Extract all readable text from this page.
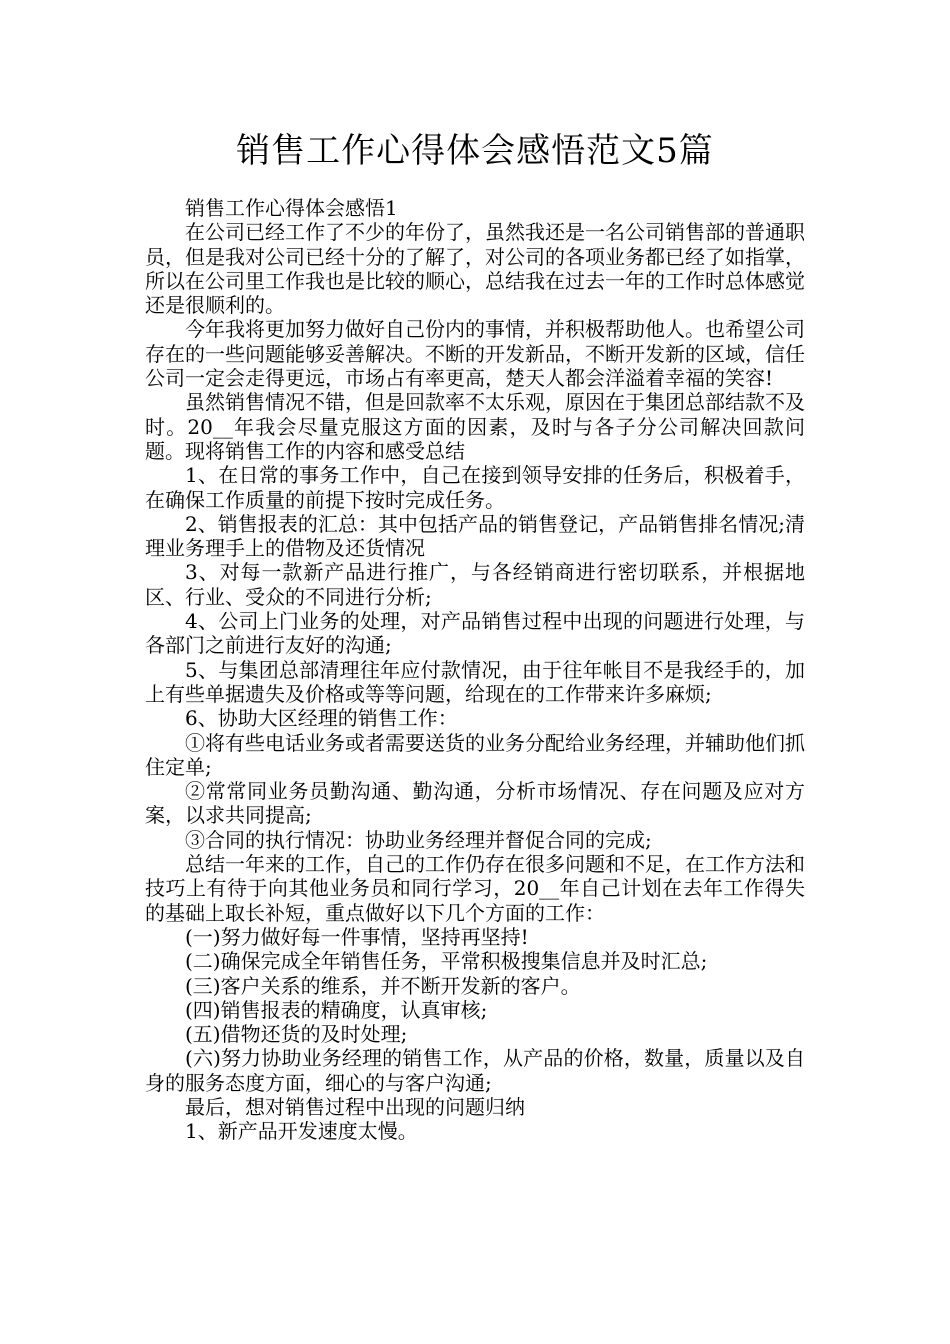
销售工作心得体会感悟范文5篇

销售工作心得体会感悟1

在公司已经工作了不少的年份了，虽然我还是一名公司销售部的普通职员，但是我对公司已经十分的了解了，对公司的各项业务都已经了如指掌，所以在公司里工作我也是比较的顺心，总结我在过去一年的工作时总体感觉还是很顺利的。

今年我将更加努力做好自己份内的事情，并积极帮助他人。也希望公司存在的一些问题能够妥善解决。不断的开发新品，不断开发新的区域，信任公司一定会走得更远，市场占有率更高，楚天人都会洋溢着幸福的笑容!

虽然销售情况不错，但是回款率不太乐观，原因在于集团总部结款不及时。20__年我会尽量克服这方面的因素，及时与各子分公司解决回款问题。现将销售工作的内容和感受总结

1、在日常的事务工作中，自己在接到领导安排的任务后，积极着手，在确保工作质量的前提下按时完成任务。

2、销售报表的汇总：其中包括产品的销售登记，产品销售排名情况;清理业务理手上的借物及还货情况

3、对每一款新产品进行推广，与各经销商进行密切联系，并根据地区、行业、受众的不同进行分析;

4、公司上门业务的处理，对产品销售过程中出现的问题进行处理，与各部门之前进行友好的沟通;

5、与集团总部清理往年应付款情况，由于往年帐目不是我经手的，加上有些单据遗失及价格或等等问题，给现在的工作带来许多麻烦;

6、协助大区经理的销售工作：

①将有些电话业务或者需要送货的业务分配给业务经理，并辅助他们抓住定单;

②常常同业务员勤沟通、勤沟通，分析市场情况、存在问题及应对方案，以求共同提高;

③合同的执行情况：协助业务经理并督促合同的完成;

总结一年来的工作，自己的工作仍存在很多问题和不足，在工作方法和技巧上有待于向其他业务员和同行学习，20__年自己计划在去年工作得失的基础上取长补短，重点做好以下几个方面的工作：

(一)努力做好每一件事情，坚持再坚持!

(二)确保完成全年销售任务，平常积极搜集信息并及时汇总;

(三)客户关系的维系，并不断开发新的客户。

(四)销售报表的精确度，认真审核;

(五)借物还货的及时处理;

(六)努力协助业务经理的销售工作，从产品的价格，数量，质量以及自身的服务态度方面，细心的与客户沟通;

最后，想对销售过程中出现的问题归纳

1、新产品开发速度太慢。
